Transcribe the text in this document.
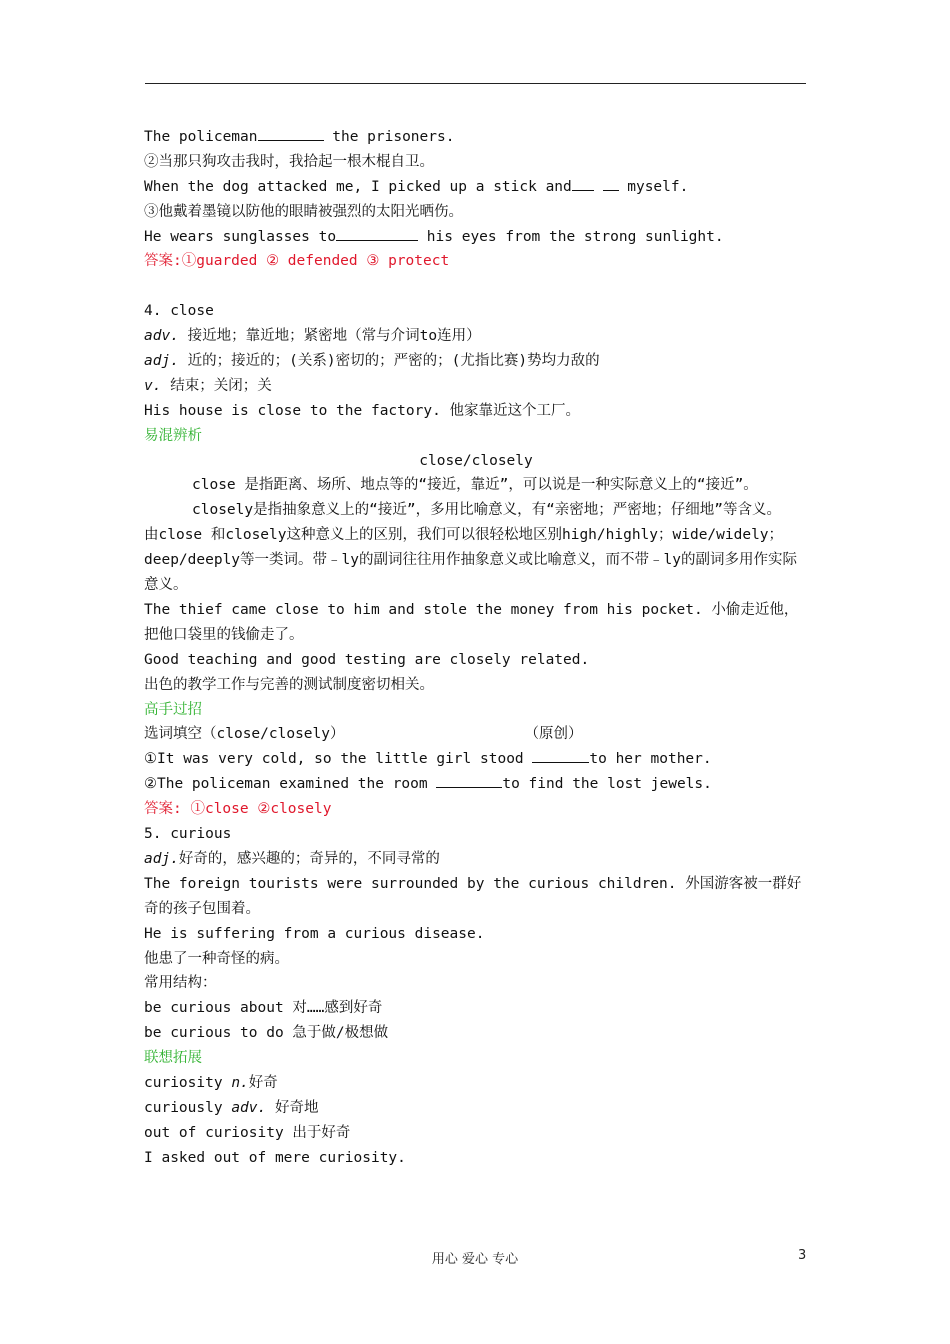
The policeman	the prisoners.
②当那只狗攻击我时，我拾起一根木棍自卫。
When the dog attacked me, I picked up a stick and	myself.
③他戴着墨镜以防他的眼睛被强烈的太阳光晒伤。
He wears sunglasses to	his eyes from the strong sunlight.
答案:①guarded ② defended ③ protect
4. close
adv. 接近地；靠近地；紧密地（常与介词to连用）
adj. 近的；接近的；(关系)密切的；严密的；(尤指比赛)势均力敌的
v. 结束；关闭；关
His house is close to the factory. 他家靠近这个工厂。
易混辨析
close/closely
close 是指距离、场所、地点等的“接近，靠近”，可以说是一种实际意义上的“接近”。
closely是指抽象意义上的“接近”，多用比喻意义，有“亲密地；严密地；仔细地”等含义。
由close 和closely这种意义上的区别，我们可以很轻松地区别high/highly；wide/widely；deep/deeply等一类词。带﹣ly的副词往往用作抽象意义或比喻意义，而不带﹣ly的副词多用作实际意义。
The thief came close to him and stole the money from his pocket. 小偷走近他，把他口袋里的钱偷走了。
Good teaching and good testing are closely related.
出色的教学工作与完善的测试制度密切相关。
高手过招
选词填空（close/closely）	（原创）
①It was very cold, so the little girl stood	to her mother.
②The policeman examined the room	to find the lost jewels.
答案: ①close ②closely
5. curious
adj.好奇的，感兴趣的；奇异的，不同寻常的
The foreign tourists were surrounded by the curious children. 外国游客被一群好奇的孩子包围着。
He is suffering from a curious disease.
他患了一种奇怪的病。
常用结构：
be curious about 对……感到好奇
be curious to do 急于做/极想做
联想拓展
curiosity n.好奇
curiously adv. 好奇地
out of curiosity 出于好奇
I asked out of mere curiosity.
用心 爱心 专心	3
